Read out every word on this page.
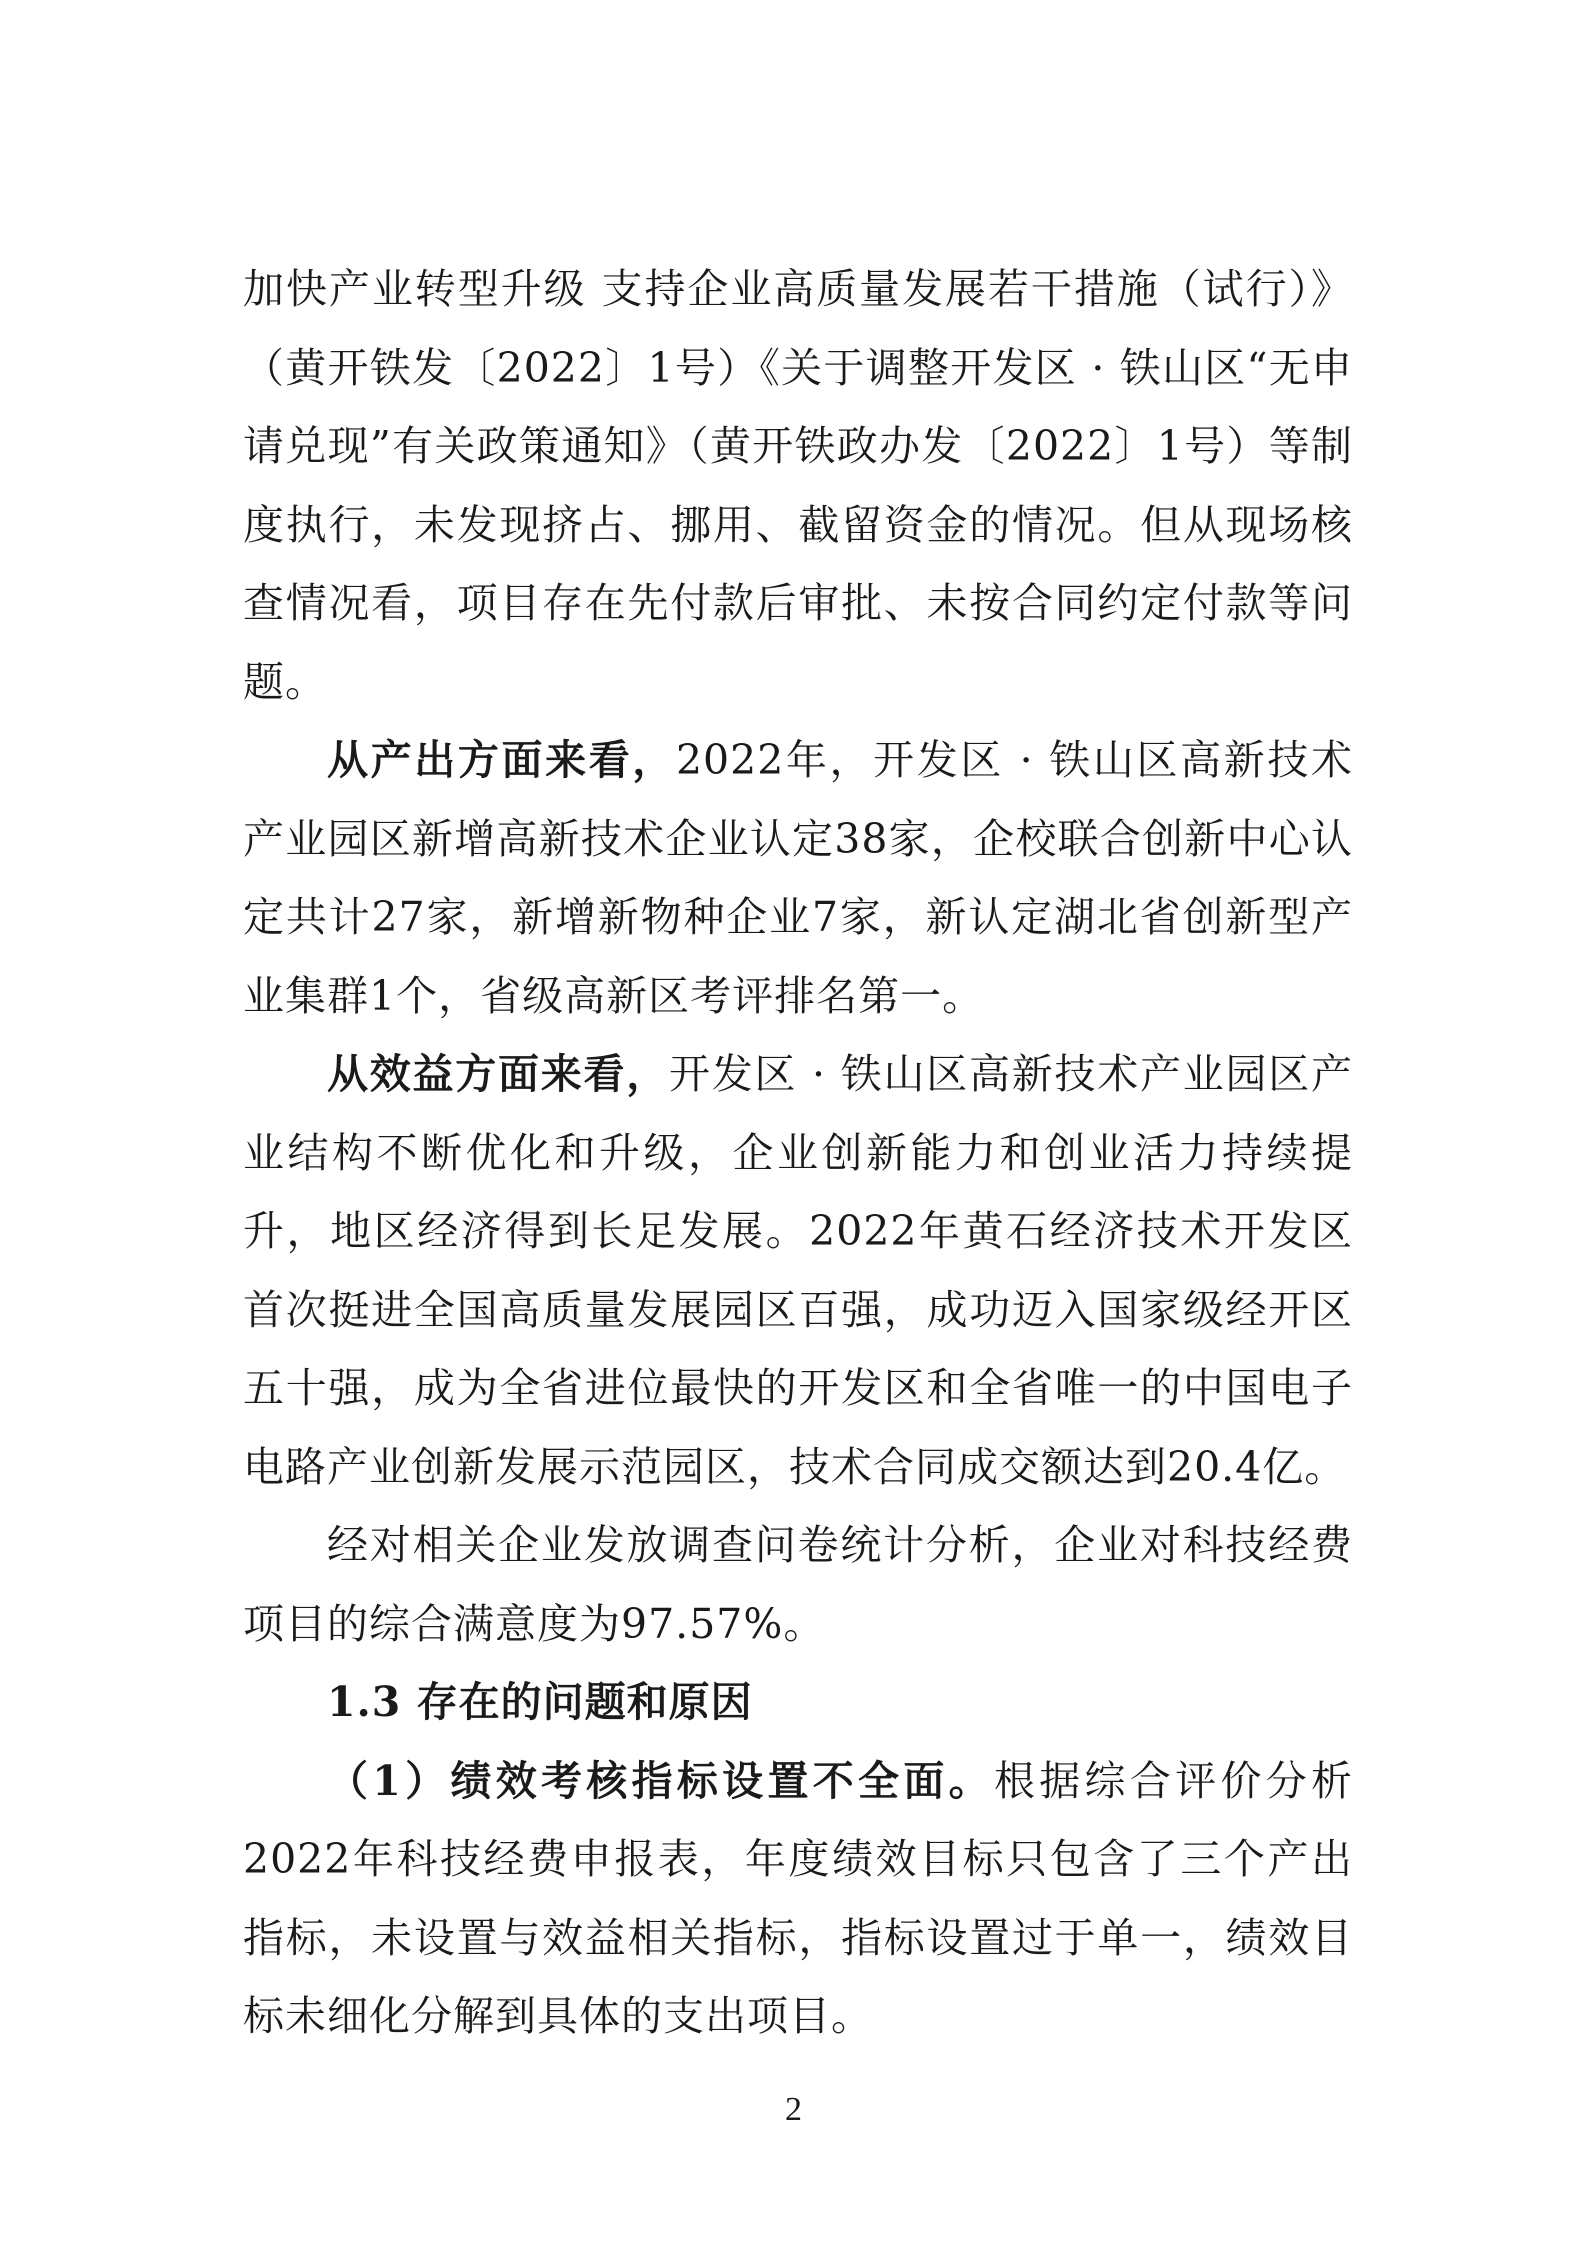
加快产业转型升级 支持企业高质量发展若干措施（试行）》（黄开铁发〔2022〕1号）《关于调整开发区 · 铁山区“无申请兑现”有关政策通知》（黄开铁政办发〔2022〕1号）等制度执行，未发现挤占、挪用、截留资金的情况。但从现场核查情况看，项目存在先付款后审批、未按合同约定付款等问题。

从产出方面来看，2022年，开发区 · 铁山区高新技术产业园区新增高新技术企业认定38家，企校联合创新中心认定共计27家，新增新物种企业7家，新认定湖北省创新型产业集群1个，省级高新区考评排名第一。

从效益方面来看，开发区 · 铁山区高新技术产业园区产业结构不断优化和升级，企业创新能力和创业活力持续提升，地区经济得到长足发展。2022年黄石经济技术开发区首次挺进全国高质量发展园区百强，成功迈入国家级经开区五十强，成为全省进位最快的开发区和全省唯一的中国电子电路产业创新发展示范园区，技术合同成交额达到20.4亿。

经对相关企业发放调查问卷统计分析，企业对科技经费项目的综合满意度为97.57%。

1.3 存在的问题和原因

（1）绩效考核指标设置不全面。根据综合评价分析2022年科技经费申报表，年度绩效目标只包含了三个产出指标，未设置与效益相关指标，指标设置过于单一，绩效目标未细化分解到具体的支出项目。

2
